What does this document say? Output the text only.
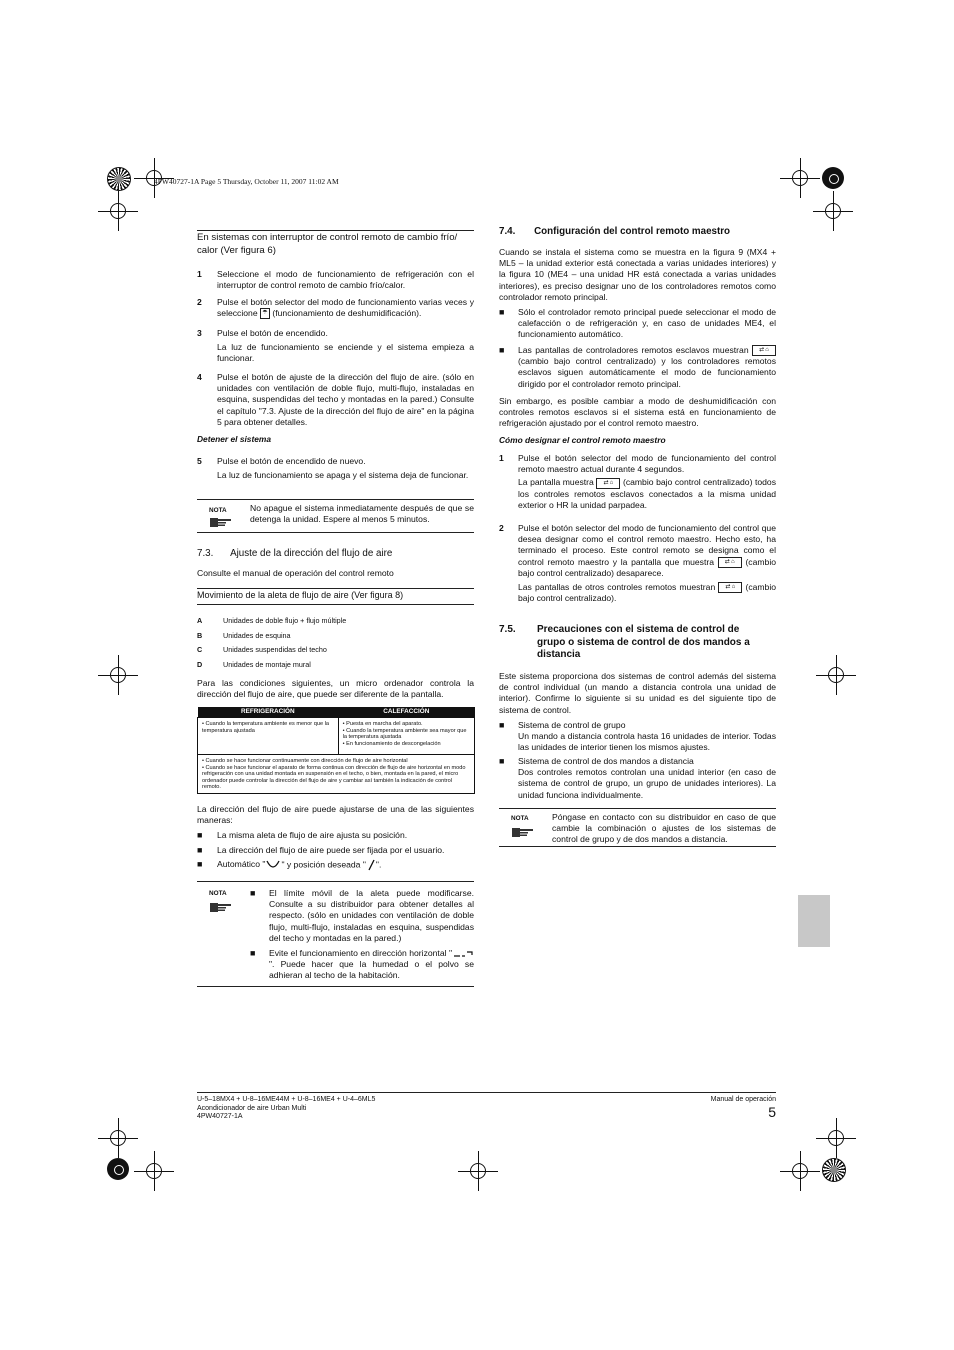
4PW40727-1A Page 5 Thursday, October 11, 2007 11:02 AM
En sistemas con interruptor de control remoto de cambio frío/ calor (Ver figura 6)
1 Seleccione el modo de funcionamiento de refrigeración con el interruptor de control remoto de cambio frío/calor.
2 Pulse el botón selector del modo de funcionamiento varias veces y seleccione ☂ (funcionamiento de deshumidificación).
3 Pulse el botón de encendido.
La luz de funcionamiento se enciende y el sistema empieza a funcionar.
4 Pulse el botón de ajuste de la dirección del flujo de aire. (sólo en unidades con ventilación de doble flujo, multi-flujo, instaladas en esquina, suspendidas del techo y montadas en la pared.) Consulte el capítulo "7.3. Ajuste de la dirección del flujo de aire" en la página 5 para obtener detalles.
Detener el sistema
5 Pulse el botón de encendido de nuevo.
La luz de funcionamiento se apaga y el sistema deja de funcionar.
NOTA	No apague el sistema inmediatamente después de que se detenga la unidad. Espere al menos 5 minutos.
7.3. Ajuste de la dirección del flujo de aire
Consulte el manual de operación del control remoto
Movimiento de la aleta de flujo de aire (Ver figura 8)
A	Unidades de doble flujo + flujo múltiple
B	Unidades de esquina
C	Unidades suspendidas del techo
D	Unidades de montaje mural
Para las condiciones siguientes, un micro ordenador controla la dirección del flujo de aire, que puede ser diferente de la pantalla.
REFRIGERACIÓN	CALEFACCIÓN
• Cuando la temperatura ambiente es menor que la temperatura ajustada	• Puesta en marcha del aparato.
• Cuando la temperatura ambiente sea mayor que la temperatura ajustada
• En funcionamiento de descongelación
• Cuando se hace funcionar continuamente con dirección de flujo de aire horizontal
• Cuando se hace funcionar el aparato de forma continua con dirección de flujo de aire horizontal en modo refrigeración con una unidad montada en suspensión en el techo, o bien, montada en la pared, el micro ordenador puede controlar la dirección del flujo de aire y cambiar así también la indicación de control remoto.	
La dirección del flujo de aire puede ajustarse de una de las siguientes maneras:
■ La misma aleta de flujo de aire ajusta su posición.
■ La dirección del flujo de aire puede ser fijada por el usuario.
■ Automático " " y posición deseada " ".
NOTA	■ El límite móvil de la aleta puede modificarse. Consulte a su distribuidor para obtener detalles al respecto. (sólo en unidades con ventilación de doble flujo, multi-flujo, instaladas en esquina, suspendidas del techo y montadas en la pared.)
■ Evite el funcionamiento en dirección horizontal "". Puede hacer que la humedad o el polvo se adhieran al techo de la habitación.
7.4. Configuración del control remoto maestro
Cuando se instala el sistema como se muestra en la figura 9 (MX4 + ML5 – la unidad exterior está conectada a varias unidades interiores) y la figura 10 (ME4 – una unidad HR está conectada a varias unidades interiores), es preciso designar uno de los controladores remotos como controlador remoto principal.
■ Sólo el controlador remoto principal puede seleccionar el modo de calefacción o de refrigeración y, en caso de unidades ME4, el funcionamiento automático.
■ Las pantallas de controladores remotos esclavos muestran ⇄ ⌂ (cambio bajo control centralizado) y los controladores remotos esclavos siguen automáticamente el modo de funcionamiento dirigido por el controlador remoto principal.
Sin embargo, es posible cambiar a modo de deshumidificación con controles remotos esclavos si el sistema está en funcionamiento de refrigeración ajustado por el control remoto maestro.
Cómo designar el control remoto maestro
1 Pulse el botón selector del modo de funcionamiento del control remoto maestro actual durante 4 segundos.
La pantalla muestra ⇄ ⌂ (cambio bajo control centralizado) todos los controles remotos esclavos conectados a la misma unidad exterior o HR la unidad parpadea.
2 Pulse el botón selector del modo de funcionamiento del control que desea designar como el control remoto maestro. Hecho esto, ha terminado el proceso. Este control remoto se designa como el control remoto maestro y la pantalla que muestra ⇄ ⌂ (cambio bajo control centralizado) desaparece.
Las pantallas de otros controles remotos muestran ⇄ ⌂ (cambio bajo control centralizado).
7.5. Precauciones con el sistema de control de grupo o sistema de control de dos mandos a distancia
Este sistema proporciona dos sistemas de control además del sistema de control individual (un mando a distancia controla una unidad de interior). Confirme lo siguiente si su unidad es del siguiente tipo de sistema de control.
■ Sistema de control de grupo
Un mando a distancia controla hasta 16 unidades de interior. Todas las unidades de interior tienen los mismos ajustes.
■ Sistema de control de dos mandos a distancia
Dos controles remotos controlan una unidad interior (en caso de sistema de control de grupo, un grupo de unidades interiores). La unidad funciona individualmente.
NOTA	Póngase en contacto con su distribuidor en caso de que cambie la combinación o ajustes de los sistemas de control de grupo y de dos mandos a distancia.
U-5–18MX4 + U-8–16ME44M + U-8–16ME4 + U-4–6ML5
Acondicionador de aire Urban Multi
4PW40727-1A
Manual de operación
5
